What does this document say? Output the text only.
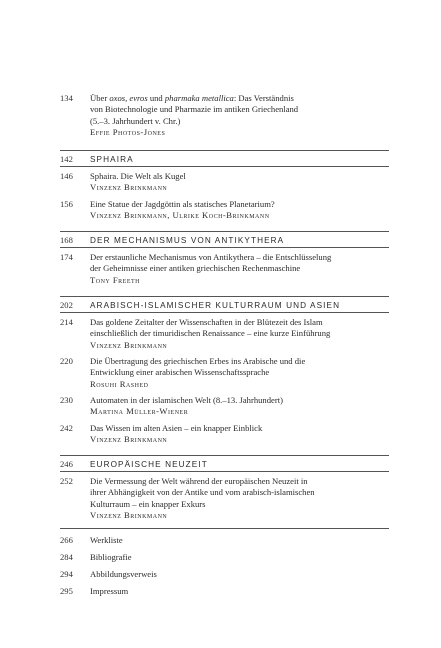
134 Über oxos, evros und pharmaka metallica: Das Verständnis
von Biotechnologie und Pharmazie im antiken Griechenland
(5.–3. Jahrhundert v. Chr.)
Effie Photos-Jones
142 SPHAIRA
146 Sphaira. Die Welt als Kugel
Vinzenz Brinkmann
156 Eine Statue der Jagdgöttin als statisches Planetarium?
Vinzenz Brinkmann, Ulrike Koch-Brinkmann
168 DER MECHANISMUS VON ANTIKYTHERA
174 Der erstaunliche Mechanismus von Antikythera – die Entschlüsselung
der Geheimnisse einer antiken griechischen Rechenmaschine
Tony Freeth
202 ARABISCH-ISLAMISCHER KULTURRAUM UND ASIEN
214 Das goldene Zeitalter der Wissenschaften in der Blütezeit des Islam
einschließlich der timuridischen Renaissance – eine kurze Einführung
Vinzenz Brinkmann
220 Die Übertragung des griechischen Erbes ins Arabische und die
Entwicklung einer arabischen Wissenschaftssprache
Rosuhi Rashed
230 Automaten in der islamischen Welt (8.–13. Jahrhundert)
Martina Müller-Wiener
242 Das Wissen im alten Asien – ein knapper Einblick
Vinzenz Brinkmann
246 EUROPÄISCHE NEUZEIT
252 Die Vermessung der Welt während der europäischen Neuzeit in
ihrer Abhängigkeit von der Antike und vom arabisch-islamischen
Kulturraum – ein knapper Exkurs
Vinzenz Brinkmann
266 Werkliste
284 Bibliografie
294 Abbildungsverweis
295 Impressum
